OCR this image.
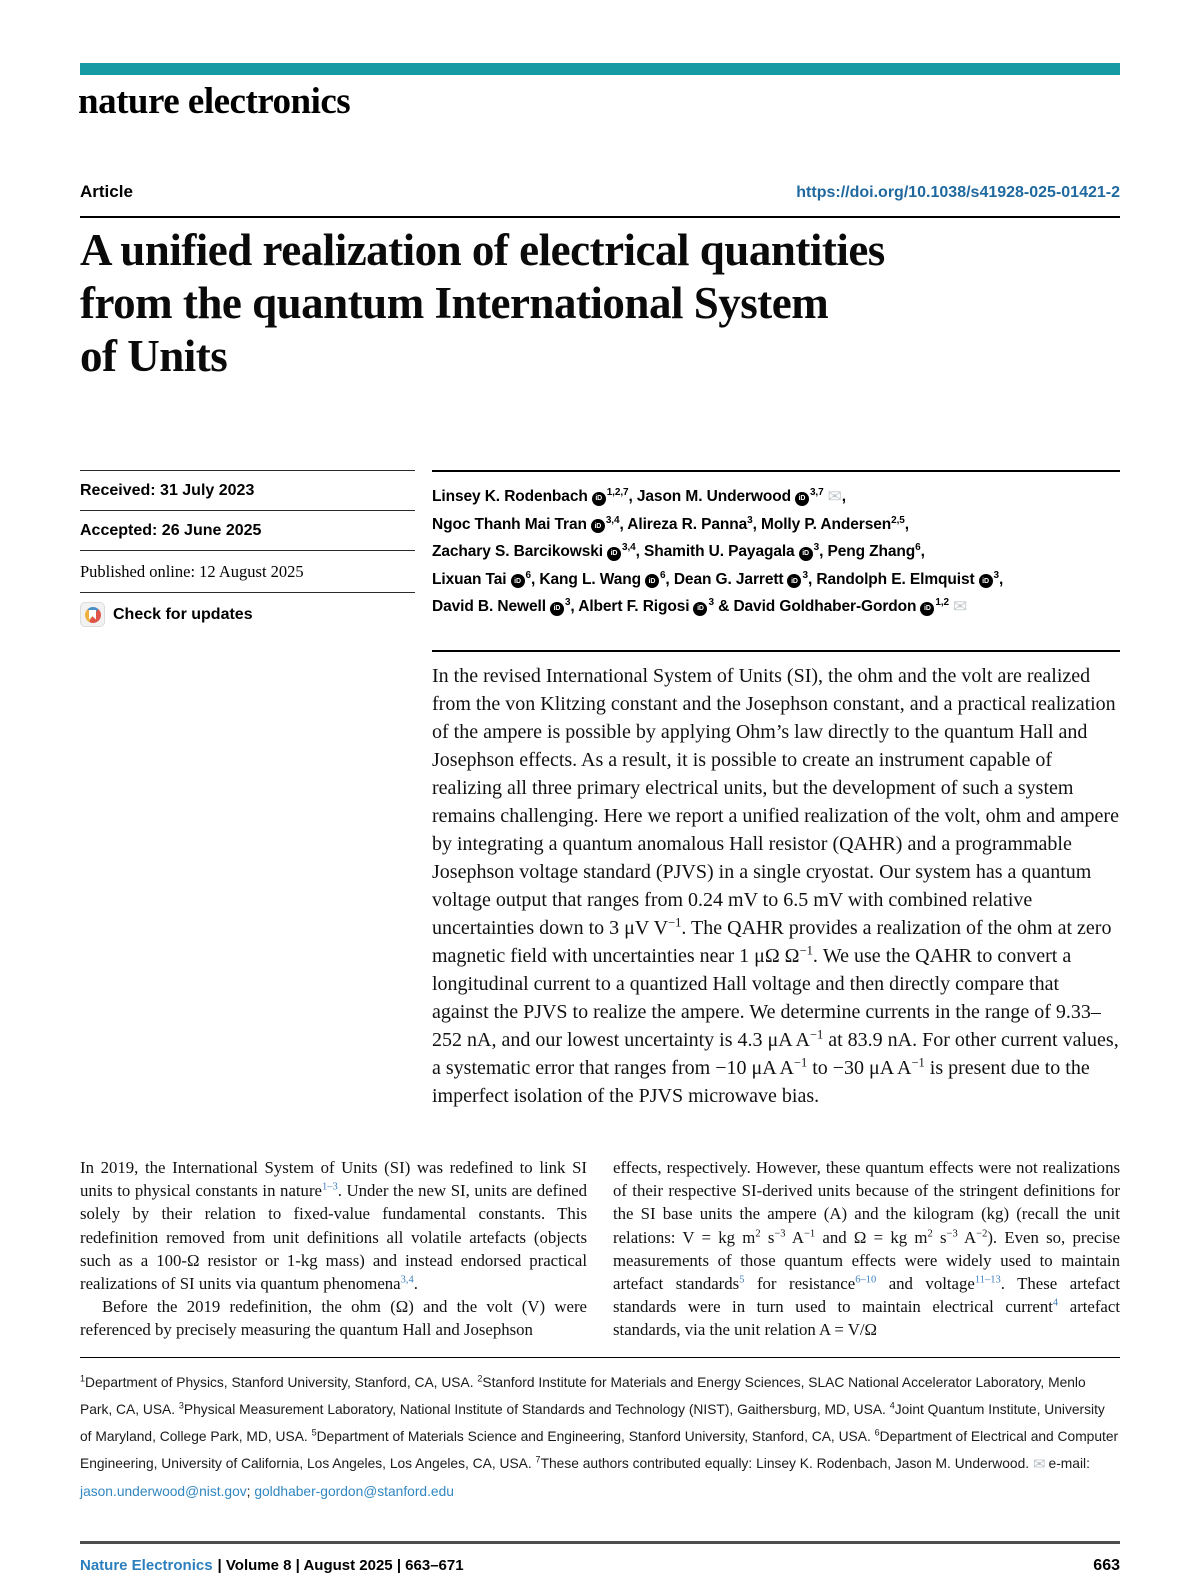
nature electronics
Article	https://doi.org/10.1038/s41928-025-01421-2
A unified realization of electrical quantities
from the quantum International System
of Units
Received: 31 July 2023
Accepted: 26 June 2025
Published online: 12 August 2025
Check for updates
Linsey K. Rodenbach iD$^{1,2,7}$, Jason M. Underwood iD$^{3,7}$ ✉,
Ngoc Thanh Mai Tran iD$^{3,4}$, Alireza R. Panna$^3$, Molly P. Andersen$^{2,5}$,
Zachary S. Barcikowski iD$^{3,4}$, Shamith U. Payagala $iD^3$, Peng Zhang$^6$,
Lixuan Tai $iD^6$, Kang L. Wang $iD^6$, Dean G. Jarrett $iD^3$, Randolph E. Elmquist $iD^3$,
David B. Newell $iD^3$, Albert F. Rigosi $iD^3$ & David Goldhaber-Gordon iD$^{1,2}$ ✉
In the revised International System of Units (SI), the ohm and the volt are realized from the von Klitzing constant and the Josephson constant, and a practical realization of the ampere is possible by applying Ohm’s law directly to the quantum Hall and Josephson effects. As a result, it is possible to create an instrument capable of realizing all three primary electrical units, but the development of such a system remains challenging. Here we report a unified realization of the volt, ohm and ampere by integrating a quantum anomalous Hall resistor (QAHR) and a programmable Josephson voltage standard (PJVS) in a single cryostat. Our system has a quantum voltage output that ranges from 0.24 mV to 6.5 mV with combined relative uncertainties down to 3 μV $V^{-1}$. The QAHR provides a realization of the ohm at zero magnetic field with uncertainties near 1 μΩ $\Omega^{-1}$. We use the QAHR to convert a longitudinal current to a quantized Hall voltage and then directly compare that against the PJVS to realize the ampere. We determine currents in the range of 9.33–252 nA, and our lowest uncertainty is 4.3 μA $A^{-1}$ at 83.9 nA. For other current values, a systematic error that ranges from −10 μA $A^{-1}$ to −30 μA $A^{-1}$ is present due to the imperfect isolation of the PJVS microwave bias.

In 2019, the International System of Units (SI) was redefined to link SI units to physical constants in nature$^{1-3}$. Under the new SI, units are defined solely by their relation to fixed-value fundamental constants. This redefinition removed from unit definitions all volatile artefacts (objects such as a 100-Ω resistor or 1-kg mass) and instead endorsed practical realizations of SI units via quantum phenomena$^{3,4}$.

Before the 2019 redefinition, the ohm (Ω) and the volt (V) were referenced by precisely measuring the quantum Hall and Josephson

effects, respectively. However, these quantum effects were not realizations of their respective SI-derived units because of the stringent definitions for the SI base units the ampere (A) and the kilogram (kg) (recall the unit relations: V = kg $m^2$ $s^{-3}$ $A^{-1}$ and Ω = kg $m^2$ $s^{-3}$ $A^{-2}$). Even so, precise measurements of those quantum effects were widely used to maintain artefact standards$^5$ for resistance$^{6-10}$ and voltage$^{11-13}$. These artefact standards were in turn used to maintain electrical current$^4$ artefact standards, via the unit relation A = V/Ω

$^1$Department of Physics, Stanford University, Stanford, CA, USA. $^2$Stanford Institute for Materials and Energy Sciences, SLAC National Accelerator Laboratory, Menlo Park, CA, USA. $^3$Physical Measurement Laboratory, National Institute of Standards and Technology (NIST), Gaithersburg, MD, USA. $^4$Joint Quantum Institute, University of Maryland, College Park, MD, USA. $^5$Department of Materials Science and Engineering, Stanford University, Stanford, CA, USA. $^6$Department of Electrical and Computer Engineering, University of California, Los Angeles, Los Angeles, CA, USA. $^7$These authors contributed equally: Linsey K. Rodenbach, Jason M. Underwood. ✉ e-mail: jason.underwood@nist.gov; goldhaber-gordon@stanford.edu
Nature Electronics | Volume 8 | August 2025 | 663–671	663
